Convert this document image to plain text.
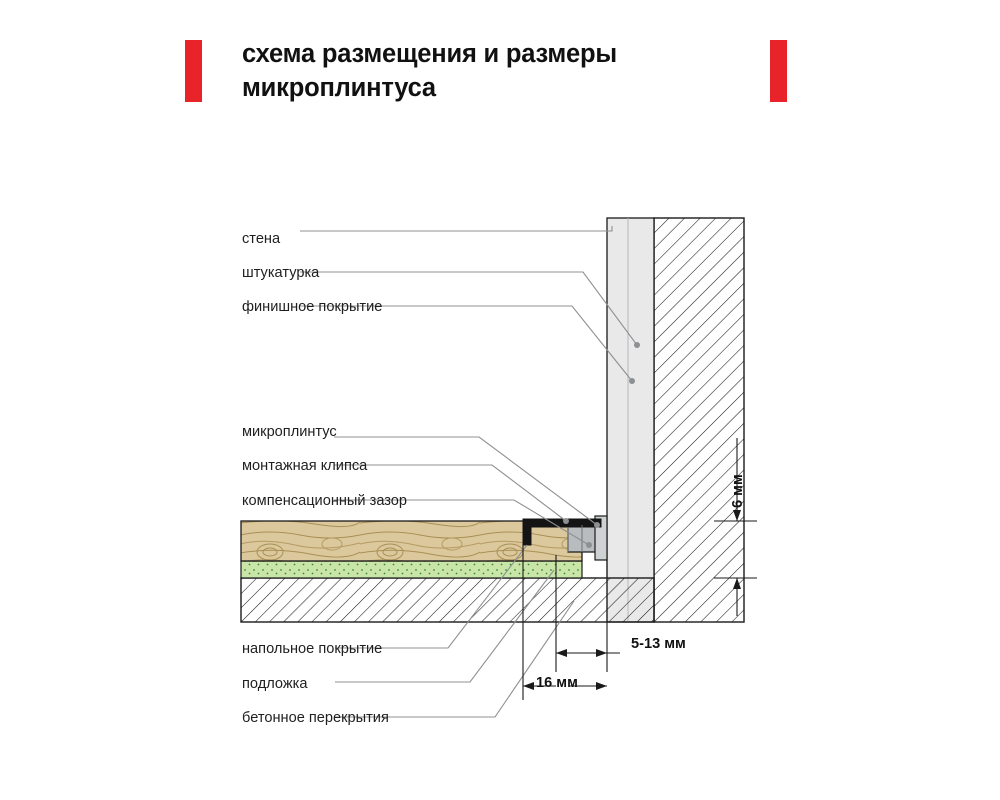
схема размещения и размеры микроплинтуса
стена
штукатурка
финишное покрытие
микроплинтус
монтажная клипса
компенсационный зазор
напольное покрытие
подложка
бетонное перекрытия
6 мм
5-13 мм
16 мм
